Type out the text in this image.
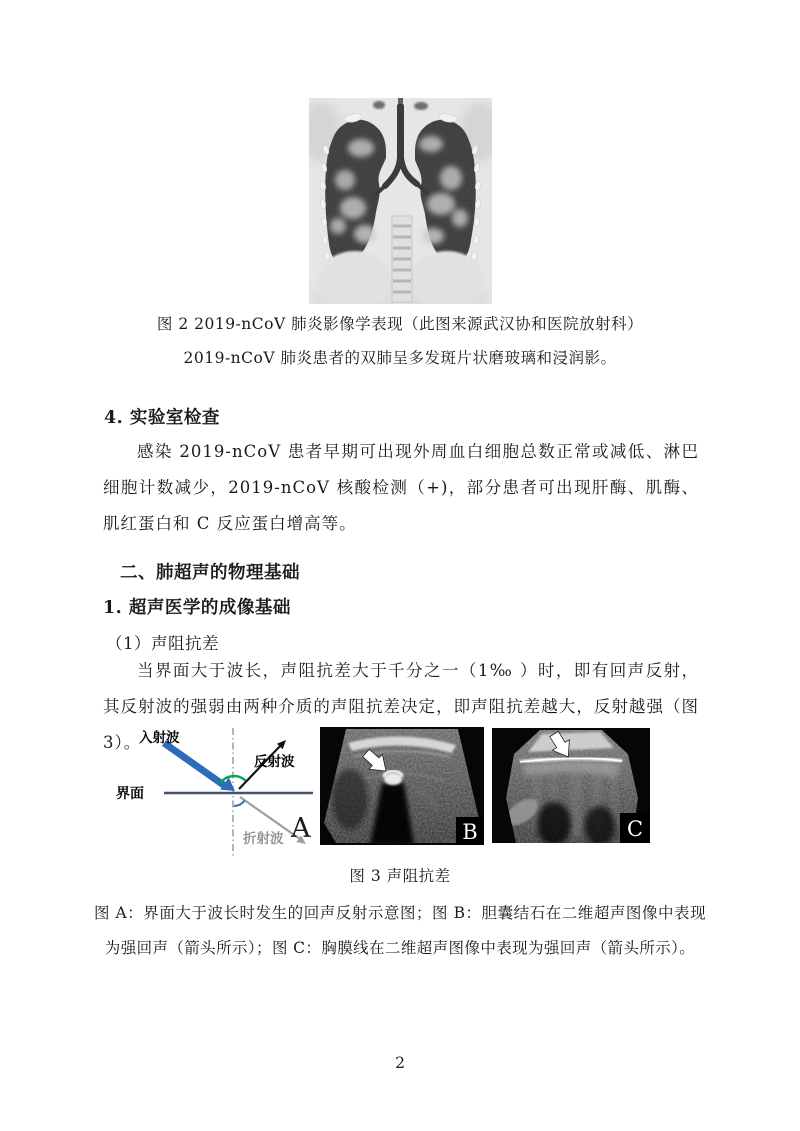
图 2 2019-nCoV 肺炎影像学表现（此图来源武汉协和医院放射科）
2019-nCoV 肺炎患者的双肺呈多发斑片状磨玻璃和浸润影。
4. 实验室检查
感染 2019-nCoV 患者早期可出现外周血白细胞总数正常或减低、淋巴细胞计数减少，2019-nCoV 核酸检测（+)，部分患者可出现肝酶、肌酶、肌红蛋白和 C 反应蛋白增高等。
二、肺超声的物理基础
1. 超声医学的成像基础
（1）声阻抗差
当界面大于波长，声阻抗差大于千分之一（1‰ ）时，即有回声反射，其反射波的强弱由两种介质的声阻抗差决定，即声阻抗差越大，反射越强（图 3）。
入射波
反射波
界面
折射波 A	B	C
图 3 声阻抗差
图 A：界面大于波长时发生的回声反射示意图；图 B：胆囊结石在二维超声图像中表现为强回声（箭头所示）；图 C：胸膜线在二维超声图像中表现为强回声（箭头所示）。
2
